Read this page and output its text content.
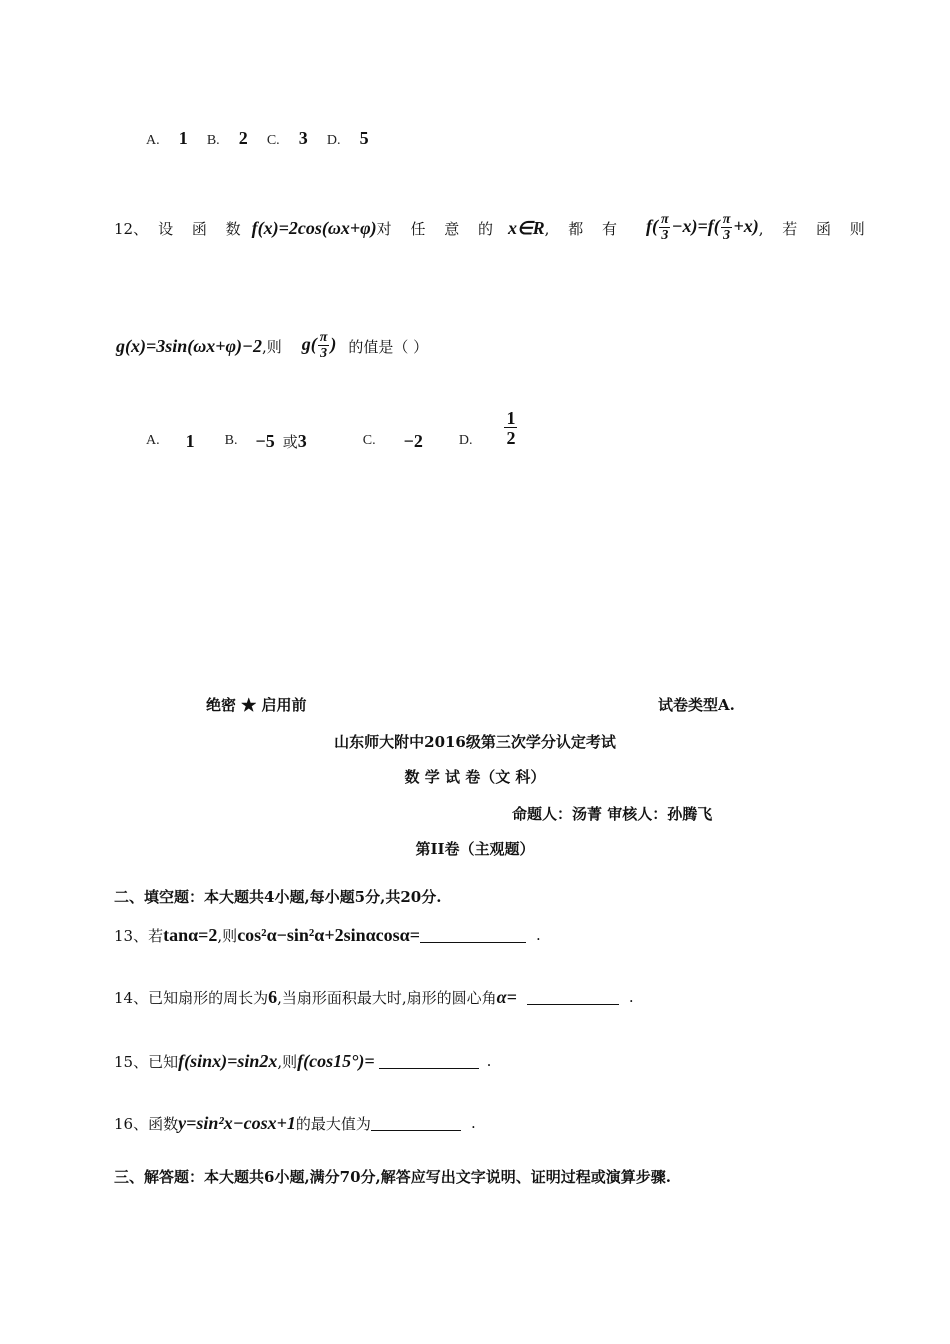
A. 1 B. 2 C. 3 D. 5
12、 设 函 数 f(x)=2cos(ωx+φ) 对 任 意 的 x∈R , 都 有 $f( \frac{\pi}{3} -x)=f( \frac{\pi}{3} +x)$ , 若 函 则
g(x)=3sin(ωx+φ)−2 ,则 $g( \frac{\pi}{3}$ ) 的值是（ ）
A. 1 B. −5 或 3	C. −2	D. $\frac{1}{2}$
绝密 ★ 启用前	试卷类型A.
山东师大附中2016级第三次学分认定考试
数 学 试 卷（文 科）
命题人：汤菁 审核人：孙腾飞
第II卷（主观题）
二、填空题：本大题共4小题,每小题5分,共20分.
13、若 tanα=2 ,则 cos²α−sin²α+2sinαcosα=	.
14、已知扇形的周长为 6 ,当扇形面积最大时,扇形的圆心角 α=	.
15、已知 f(sinx)=sin2x ,则 f(cos15°)=	.
16、函数 y=sin²x−cosx+1 的最大值为	.
三、解答题：本大题共6小题,满分70分,解答应写出文字说明、证明过程或演算步骤.
